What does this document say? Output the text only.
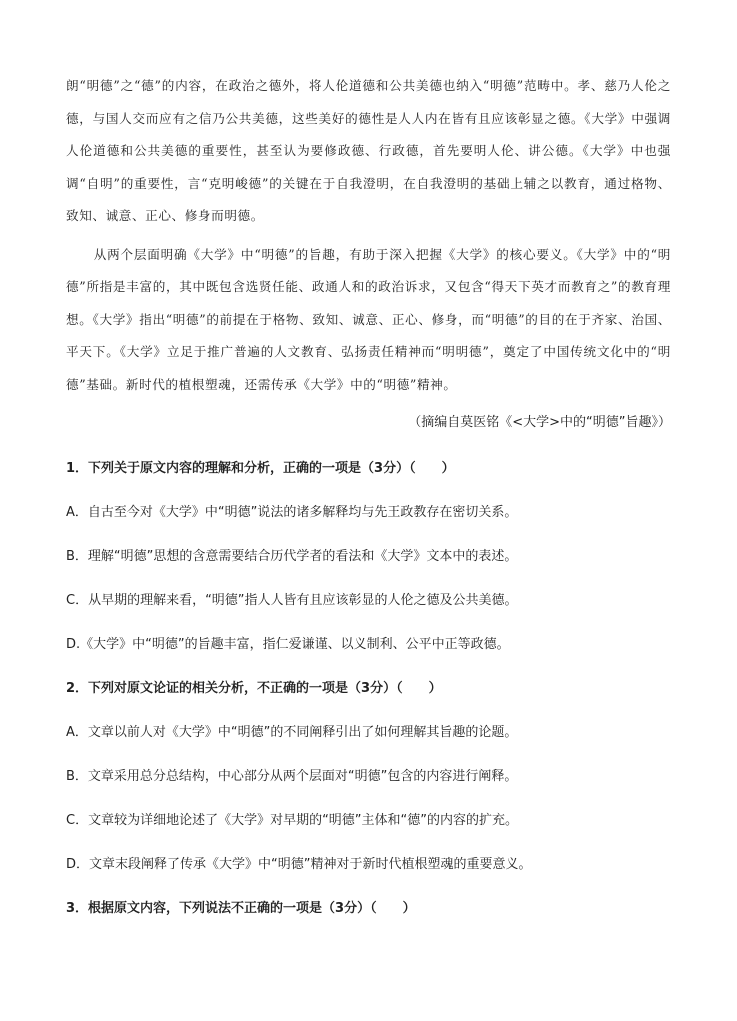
朗“明德”之“德”的内容，在政治之德外，将人伦道德和公共美德也纳入“明德”范畴中。孝、慈乃人伦之德，与国人交而应有之信乃公共美德，这些美好的德性是人人内在皆有且应该彰显之德。《大学》中强调人伦道德和公共美德的重要性，甚至认为要修政德、行政德，首先要明人伦、讲公德。《大学》中也强调“自明”的重要性，言“克明峻德”的关键在于自我澄明，在自我澄明的基础上辅之以教育，通过格物、致知、诚意、正心、修身而明德。

从两个层面明确《大学》中“明德”的旨趣，有助于深入把握《大学》的核心要义。《大学》中的“明德”所指是丰富的，其中既包含选贤任能、政通人和的政治诉求，又包含“得天下英才而教育之”的教育理想。《大学》指出“明德”的前提在于格物、致知、诚意、正心、修身，而“明德”的目的在于齐家、治国、平天下。《大学》立足于推广普遍的人文教育、弘扬责任精神而“明明德”，奠定了中国传统文化中的“明德”基础。新时代的植根塑魂，还需传承《大学》中的“明德”精神。

（摘编自莫医铭《<大学>中的“明德”旨趣》）

1．下列关于原文内容的理解和分析，正确的一项是（3分）（　　）

A．自古至今对《大学》中“明德”说法的诸多解释均与先王政教存在密切关系。

B．理解“明德”思想的含意需要结合历代学者的看法和《大学》文本中的表述。

C．从早期的理解来看，“明德”指人人皆有且应该彰显的人伦之德及公共美德。

D.《大学》中“明德”的旨趣丰富，指仁爱谦谨、以义制利、公平中正等政德。

2．下列对原文论证的相关分析，不正确的一项是（3分）（　　）

A．文章以前人对《大学》中“明德”的不同阐释引出了如何理解其旨趣的论题。

B．文章采用总分总结构，中心部分从两个层面对“明德”包含的内容进行阐释。

C．文章较为详细地论述了《大学》对早期的“明德”主体和“德”的内容的扩充。

D．文章末段阐释了传承《大学》中“明德”精神对于新时代植根塑魂的重要意义。

3．根据原文内容，下列说法不正确的一项是（3分）（　　）
